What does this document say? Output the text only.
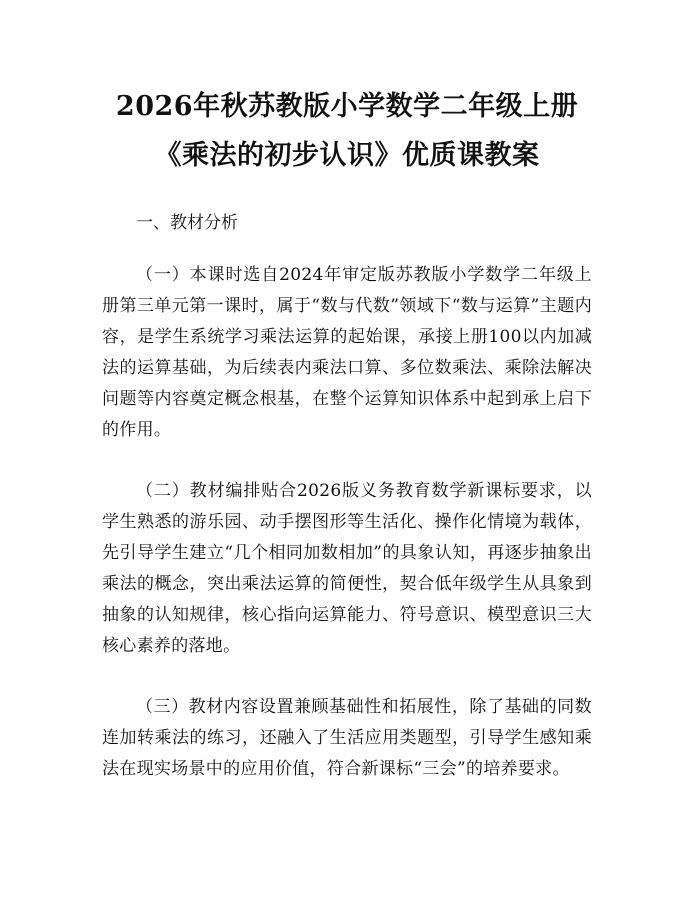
2026年秋苏教版小学数学二年级上册《乘法的初步认识》优质课教案

一、教材分析

（一）本课时选自2024年审定版苏教版小学数学二年级上册第三单元第一课时，属于“数与代数”领域下“数与运算”主题内容，是学生系统学习乘法运算的起始课，承接上册100以内加减法的运算基础，为后续表内乘法口算、多位数乘法、乘除法解决问题等内容奠定概念根基，在整个运算知识体系中起到承上启下的作用。

（二）教材编排贴合2026版义务教育数学新课标要求，以学生熟悉的游乐园、动手摆图形等生活化、操作化情境为载体，先引导学生建立“几个相同加数相加”的具象认知，再逐步抽象出乘法的概念，突出乘法运算的简便性，契合低年级学生从具象到抽象的认知规律，核心指向运算能力、符号意识、模型意识三大核心素养的落地。

（三）教材内容设置兼顾基础性和拓展性，除了基础的同数连加转乘法的练习，还融入了生活应用类题型，引导学生感知乘法在现实场景中的应用价值，符合新课标“三会”的培养要求。
